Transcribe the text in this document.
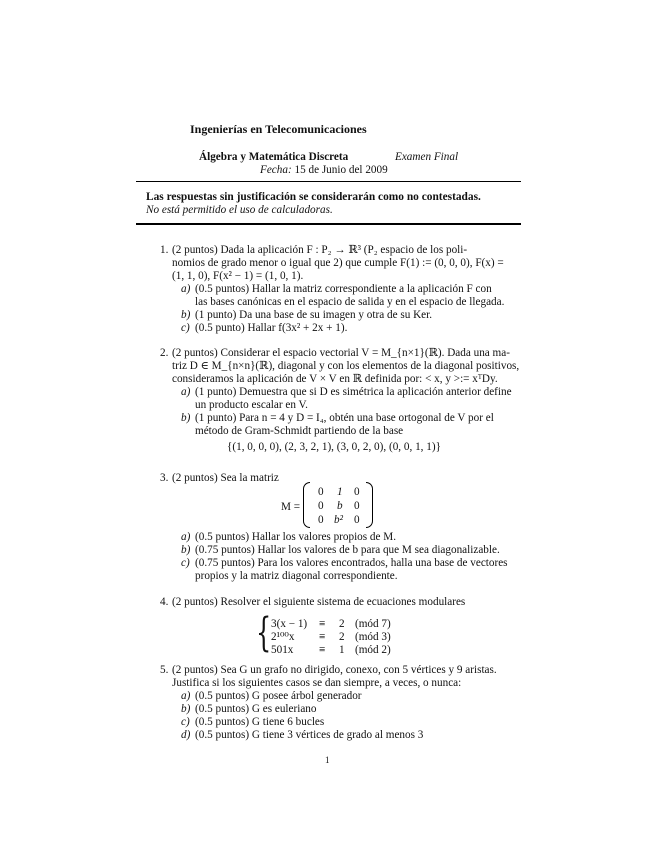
Ingenierías en Telecomunicaciones
Álgebra y Matemática Discreta	Examen Final
Fecha: 15 de Junio del 2009
Las respuestas sin justificación se considerarán como no contestadas.
No está permitido el uso de calculadoras.
1. (2 puntos) Dada la aplicación F : P₂ → ℝ³ (P₂ espacio de los poli-
nomios de grado menor o igual que 2) que cumple F(1) := (0, 0, 0), F(x) =
(1, 1, 0), F(x² − 1) = (1, 0, 1).
a) (0.5 puntos) Hallar la matriz correspondiente a la aplicación F con
las bases canónicas en el espacio de salida y en el espacio de llegada.
b) (1 punto) Da una base de su imagen y otra de su Ker.
c) (0.5 punto) Hallar f(3x² + 2x + 1).
2. (2 puntos) Considerar el espacio vectorial V = M_{n×1}(ℝ). Dada una ma-
triz D ∈ M_{n×n}(ℝ), diagonal y con los elementos de la diagonal positivos,
consideramos la aplicación de V × V en ℝ definida por: < x, y >:= xᵀDy.
a) (1 punto) Demuestra que si D es simétrica la aplicación anterior define
un producto escalar en V.
b) (1 punto) Para n = 4 y D = I₄, obtén una base ortogonal de V por el
método de Gram-Schmidt partiendo de la base
{(1, 0, 0, 0), (2, 3, 2, 1), (3, 0, 2, 0), (0, 0, 1, 1)}
3. (2 puntos) Sea la matriz
M =
0 1 0
0 b 0
0 b² 0
a) (0.5 puntos) Hallar los valores propios de M.
b) (0.75 puntos) Hallar los valores de b para que M sea diagonalizable.
c) (0.75 puntos) Para los valores encontrados, halla una base de vectores
propios y la matriz diagonal correspondiente.
4. (2 puntos) Resolver el siguiente sistema de ecuaciones modulares
{ 3(x − 1) ≡ 2 (mód 7)
2¹⁰⁰x ≡ 2 (mód 3)
501x ≡ 1 (mód 2)
5. (2 puntos) Sea G un grafo no dirigido, conexo, con 5 vértices y 9 aristas.
Justifica si los siguientes casos se dan siempre, a veces, o nunca:
a) (0.5 puntos) G posee árbol generador
b) (0.5 puntos) G es euleriano
c) (0.5 puntos) G tiene 6 bucles
d) (0.5 puntos) G tiene 3 vértices de grado al menos 3
1
